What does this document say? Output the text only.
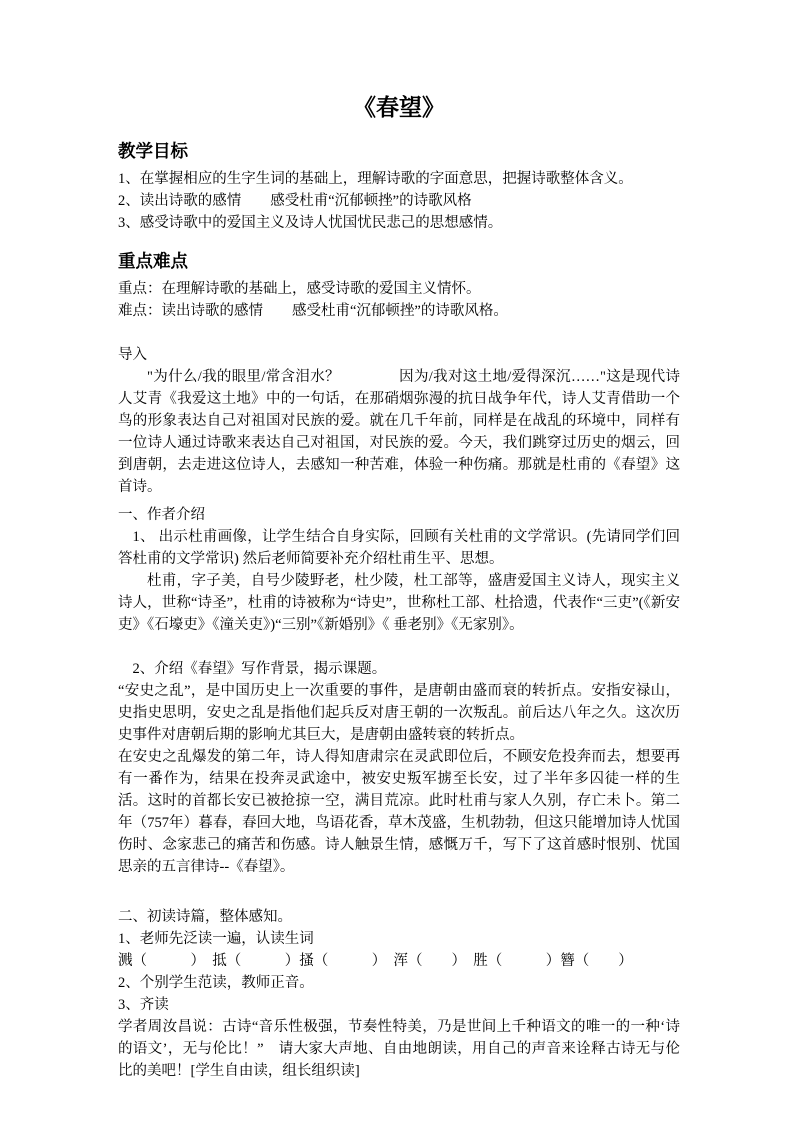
《春望》
教学目标

1、在掌握相应的生字生词的基础上，理解诗歌的字面意思，把握诗歌整体含义。

2、读出诗歌的感情　　感受杜甫“沉郁顿挫”的诗歌风格

3、感受诗歌中的爱国主义及诗人忧国忧民悲己的思想感情。

重点难点

重点：在理解诗歌的基础上，感受诗歌的爱国主义情怀。

难点：读出诗歌的感情　　感受杜甫“沉郁顿挫”的诗歌风格。

导入

"为什么/我的眼里/常含泪水？　　　　因为/我对这土地/爱得深沉……"这是现代诗人艾青《我爱这土地》中的一句话，在那硝烟弥漫的抗日战争年代，诗人艾青借助一个鸟的形象表达自己对祖国对民族的爱。就在几千年前，同样是在战乱的环境中，同样有一位诗人通过诗歌来表达自己对祖国，对民族的爱。今天，我们跳穿过历史的烟云，回到唐朝，去走进这位诗人，去感知一种苦难，体验一种伤痛。那就是杜甫的《春望》这首诗。

一、作者介绍

1、 出示杜甫画像，让学生结合自身实际，回顾有关杜甫的文学常识。(先请同学们回答杜甫的文学常识) 然后老师简要补充介绍杜甫生平、思想。

杜甫，字子美，自号少陵野老，杜少陵，杜工部等，盛唐爱国主义诗人，现实主义诗人，世称“诗圣”，杜甫的诗被称为“诗史”，世称杜工部、杜拾遗，代表作“三吏”(《新安吏》《石壕吏》《潼关吏》)“三别”《新婚别》《 垂老别》《无家别》。

2、介绍《春望》写作背景，揭示课题。

“安史之乱”，是中国历史上一次重要的事件，是唐朝由盛而衰的转折点。安指安禄山，史指史思明，安史之乱是指他们起兵反对唐王朝的一次叛乱。前后达八年之久。这次历史事件对唐朝后期的影响尤其巨大，是唐朝由盛转衰的转折点。

在安史之乱爆发的第二年，诗人得知唐肃宗在灵武即位后，不顾安危投奔而去，想要再有一番作为，结果在投奔灵武途中，被安史叛军掳至长安，过了半年多囚徒一样的生活。这时的首都长安已被抢掠一空，满目荒凉。此时杜甫与家人久别，存亡未卜。第二年（757年）暮春，春回大地，鸟语花香，草木茂盛，生机勃勃，但这只能增加诗人忧国伤时、念家悲己的痛苦和伤感。诗人触景生情，感慨万千，写下了这首感时恨别、忧国思亲的五言律诗--《春望》。

二、初读诗篇，整体感知。

1、老师先泛读一遍，认读生词

溅（　　　）　抵（　　　）搔（　　　）　浑（　　）　胜（　　　）簪（　　）

2、个别学生范读，教师正音。

3、齐读

学者周汝昌说：古诗“音乐性极强，节奏性特美，乃是世间上千种语文的唯一的一种‘诗的语文’，无与伦比！”　请大家大声地、自由地朗读，用自己的声音来诠释古诗无与伦比的美吧！[学生自由读，组长组织读]
